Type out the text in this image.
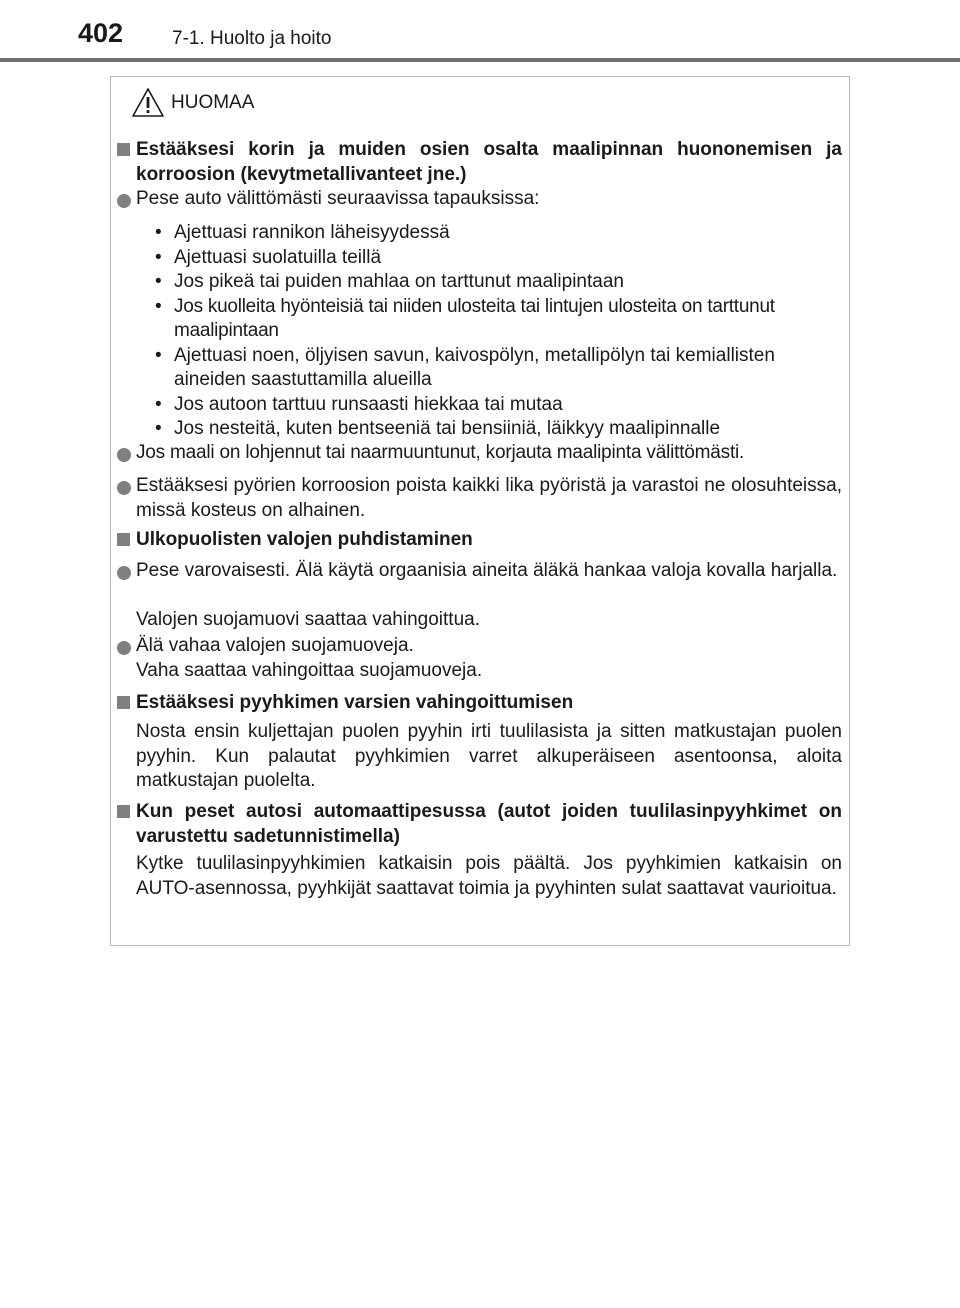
402	7-1. Huolto ja hoito
HUOMAA
Estääksesi korin ja muiden osien osalta maalipinnan huononemisen ja korroosion (kevytmetallivanteet jne.)
Pese auto välittömästi seuraavissa tapauksissa:
• Ajettuasi rannikon läheisyydessä
• Ajettuasi suolatuilla teillä
• Jos pikeä tai puiden mahlaa on tarttunut maalipintaan
• Jos kuolleita hyönteisiä tai niiden ulosteita tai lintujen ulosteita on tarttunut maalipintaan
• Ajettuasi noen, öljyisen savun, kaivospölyn, metallipölyn tai kemiallisten aineiden saastuttamilla alueilla
• Jos autoon tarttuu runsaasti hiekkaa tai mutaa
• Jos nesteitä, kuten bentseeniä tai bensiiniä, läikkyy maalipinnalle
Jos maali on lohjennut tai naarmuuntunut, korjauta maalipinta välittömästi.
Estääksesi pyörien korroosion poista kaikki lika pyöristä ja varastoi ne olosuhteissa, missä kosteus on alhainen.
Ulkopuolisten valojen puhdistaminen
Pese varovaisesti. Älä käytä orgaanisia aineita äläkä hankaa valoja kovalla harjalla.
Valojen suojamuovi saattaa vahingoittua.
Älä vahaa valojen suojamuoveja.
Vaha saattaa vahingoittaa suojamuoveja.
Estääksesi pyyhkimen varsien vahingoittumisen
Nosta ensin kuljettajan puolen pyyhin irti tuulilasista ja sitten matkustajan puolen pyyhin. Kun palautat pyyhkimien varret alkuperäiseen asentoonsa, aloita matkustajan puolelta.
Kun peset autosi automaattipesussa (autot joiden tuulilasinpyyhkimet on varustettu sadetunnistimella)
Kytke tuulilasinpyyhkimien katkaisin pois päältä. Jos pyyhkimien katkaisin on AUTO-asennossa, pyyhkijät saattavat toimia ja pyyhinten sulat saattavat vaurioitua.
